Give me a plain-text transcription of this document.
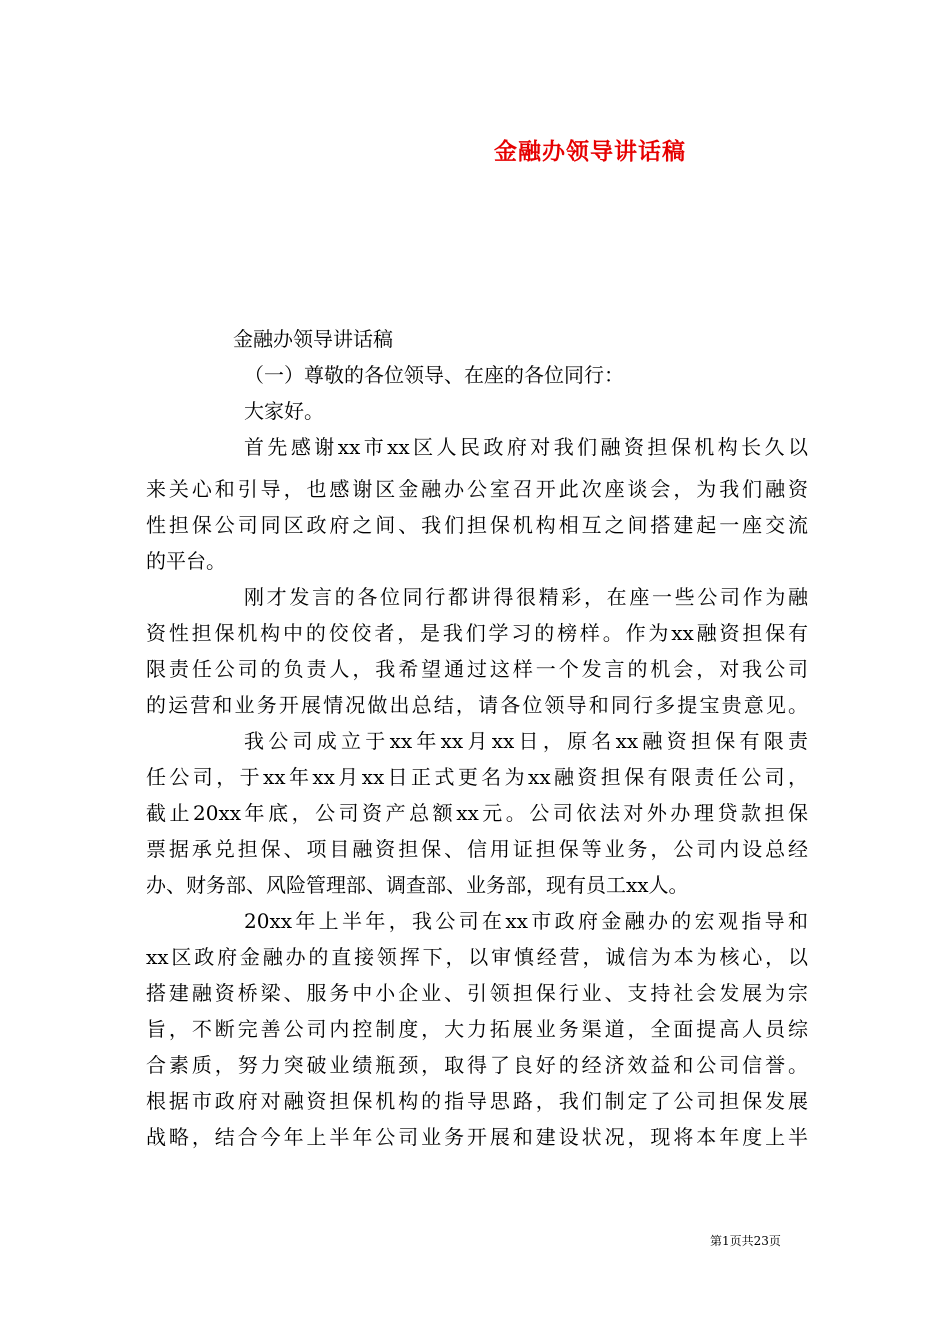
金融办领导讲话稿
金融办领导讲话稿
（一）尊敬的各位领导、在座的各位同行：
大家好。
首先感谢xx市xx区人民政府对我们融资担保机构长久以
来关心和引导，也感谢区金融办公室召开此次座谈会，为我们融资
性担保公司同区政府之间、我们担保机构相互之间搭建起一座交流
的平台。
刚才发言的各位同行都讲得很精彩，在座一些公司作为融
资性担保机构中的佼佼者，是我们学习的榜样。作为xx融资担保有
限责任公司的负责人，我希望通过这样一个发言的机会，对我公司
的运营和业务开展情况做出总结，请各位领导和同行多提宝贵意见。
我公司成立于xx年xx月xx日，原名xx融资担保有限责
任公司，于xx年xx月xx日正式更名为xx融资担保有限责任公司，
截止20xx年底，公司资产总额xx元。公司依法对外办理贷款担保
票据承兑担保、项目融资担保、信用证担保等业务，公司内设总经
办、财务部、风险管理部、调查部、业务部，现有员工xx人。
20xx年上半年，我公司在xx市政府金融办的宏观指导和
xx区政府金融办的直接领挥下，以审慎经营，诚信为本为核心，以
搭建融资桥梁、服务中小企业、引领担保行业、支持社会发展为宗
旨，不断完善公司内控制度，大力拓展业务渠道，全面提高人员综
合素质，努力突破业绩瓶颈，取得了良好的经济效益和公司信誉。
根据市政府对融资担保机构的指导思路，我们制定了公司担保发展
战略，结合今年上半年公司业务开展和建设状况，现将本年度上半
第1页共23页
